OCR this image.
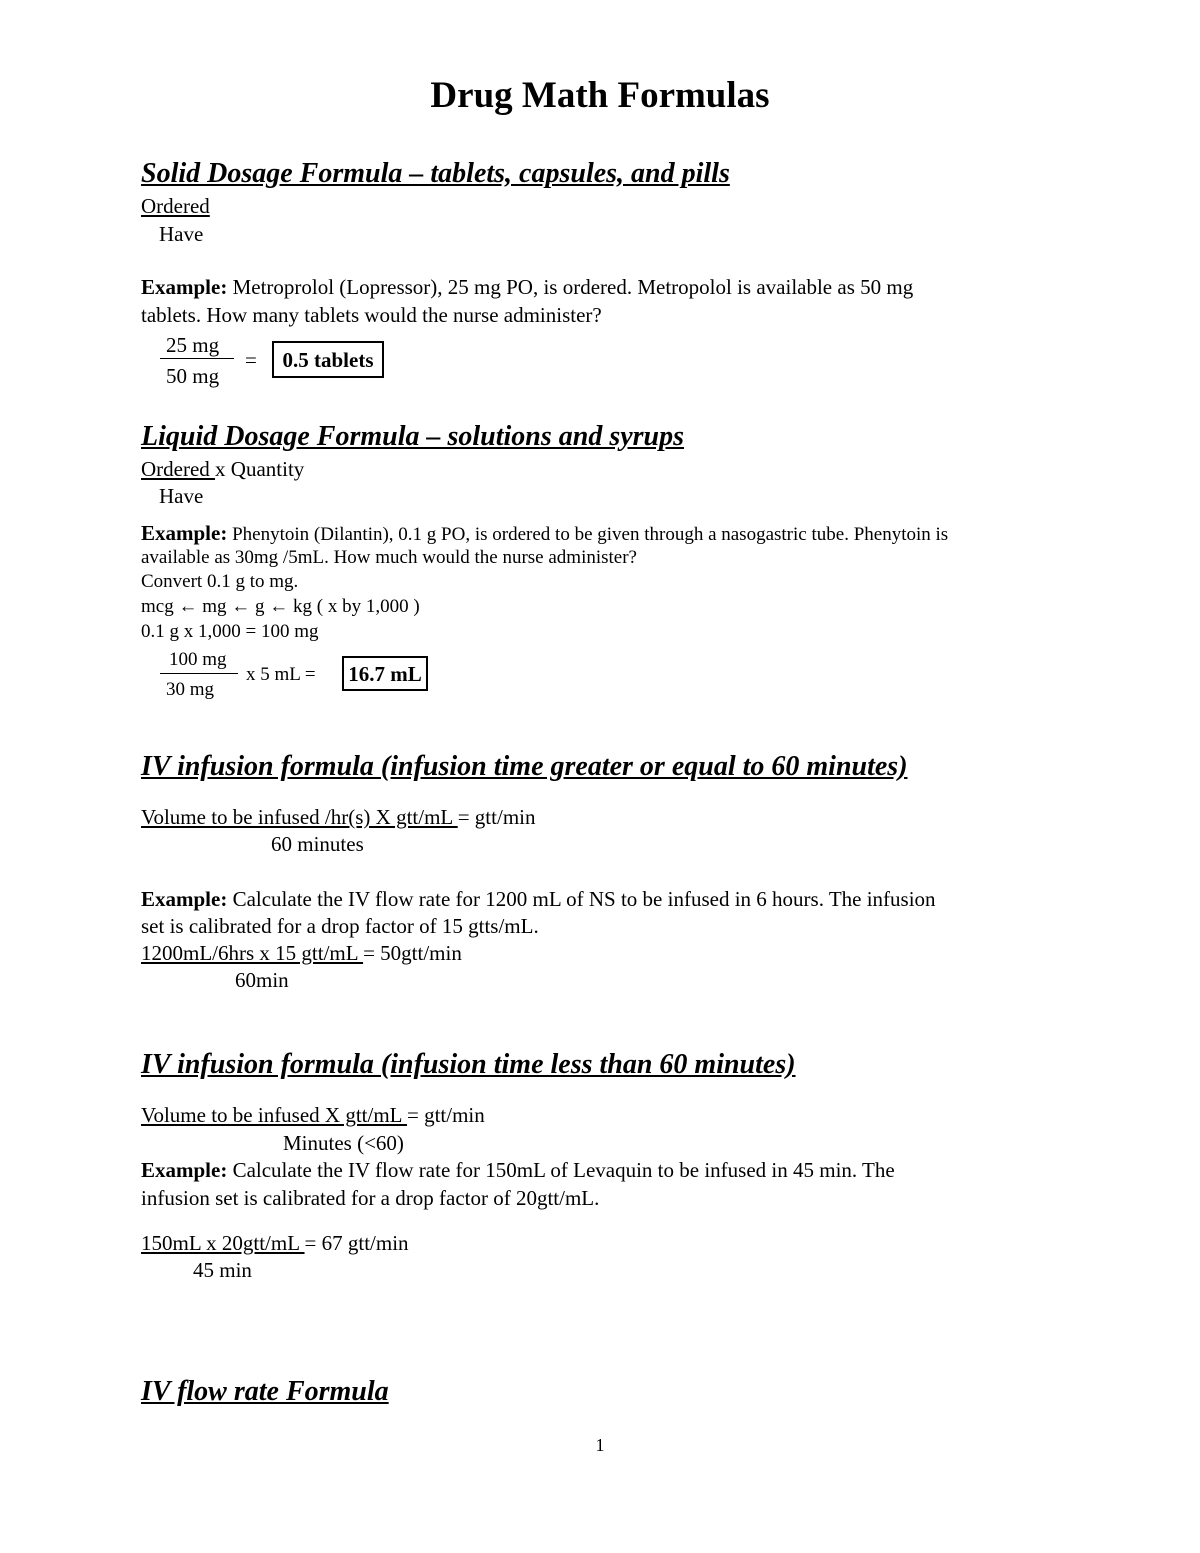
Drug Math Formulas
Solid Dosage Formula – tablets, capsules, and pills
Ordered
Have
Example: Metroprolol (Lopressor), 25 mg PO, is ordered. Metropolol is available as 50 mg
tablets. How many tablets would the nurse administer?
25 mg
50 mg
=	0.5 tablets
Liquid Dosage Formula – solutions and syrups
Ordered x Quantity
Have
Example: Phenytoin (Dilantin), 0.1 g PO, is ordered to be given through a nasogastric tube. Phenytoin is
available as 30mg /5mL. How much would the nurse administer?
Convert 0.1 g to mg.
mcg ← mg ← g ← kg ( x by 1,000 )
0.1 g x 1,000 = 100 mg
100 mg
30 mg
x 5 mL = 16.7 mL
IV infusion formula (infusion time greater or equal to 60 minutes)
Volume to be infused /hr(s) X gtt/mL = gtt/min
60 minutes
Example: Calculate the IV flow rate for 1200 mL of NS to be infused in 6 hours. The infusion
set is calibrated for a drop factor of 15 gtts/mL.
1200mL/6hrs x 15 gtt/mL = 50gtt/min
60min
IV infusion formula (infusion time less than 60 minutes)
Volume to be infused X gtt/mL = gtt/min
Minutes (<60)
Example: Calculate the IV flow rate for 150mL of Levaquin to be infused in 45 min. The
infusion set is calibrated for a drop factor of 20gtt/mL.
150mL x 20gtt/mL = 67 gtt/min
45 min
IV flow rate Formula
1
